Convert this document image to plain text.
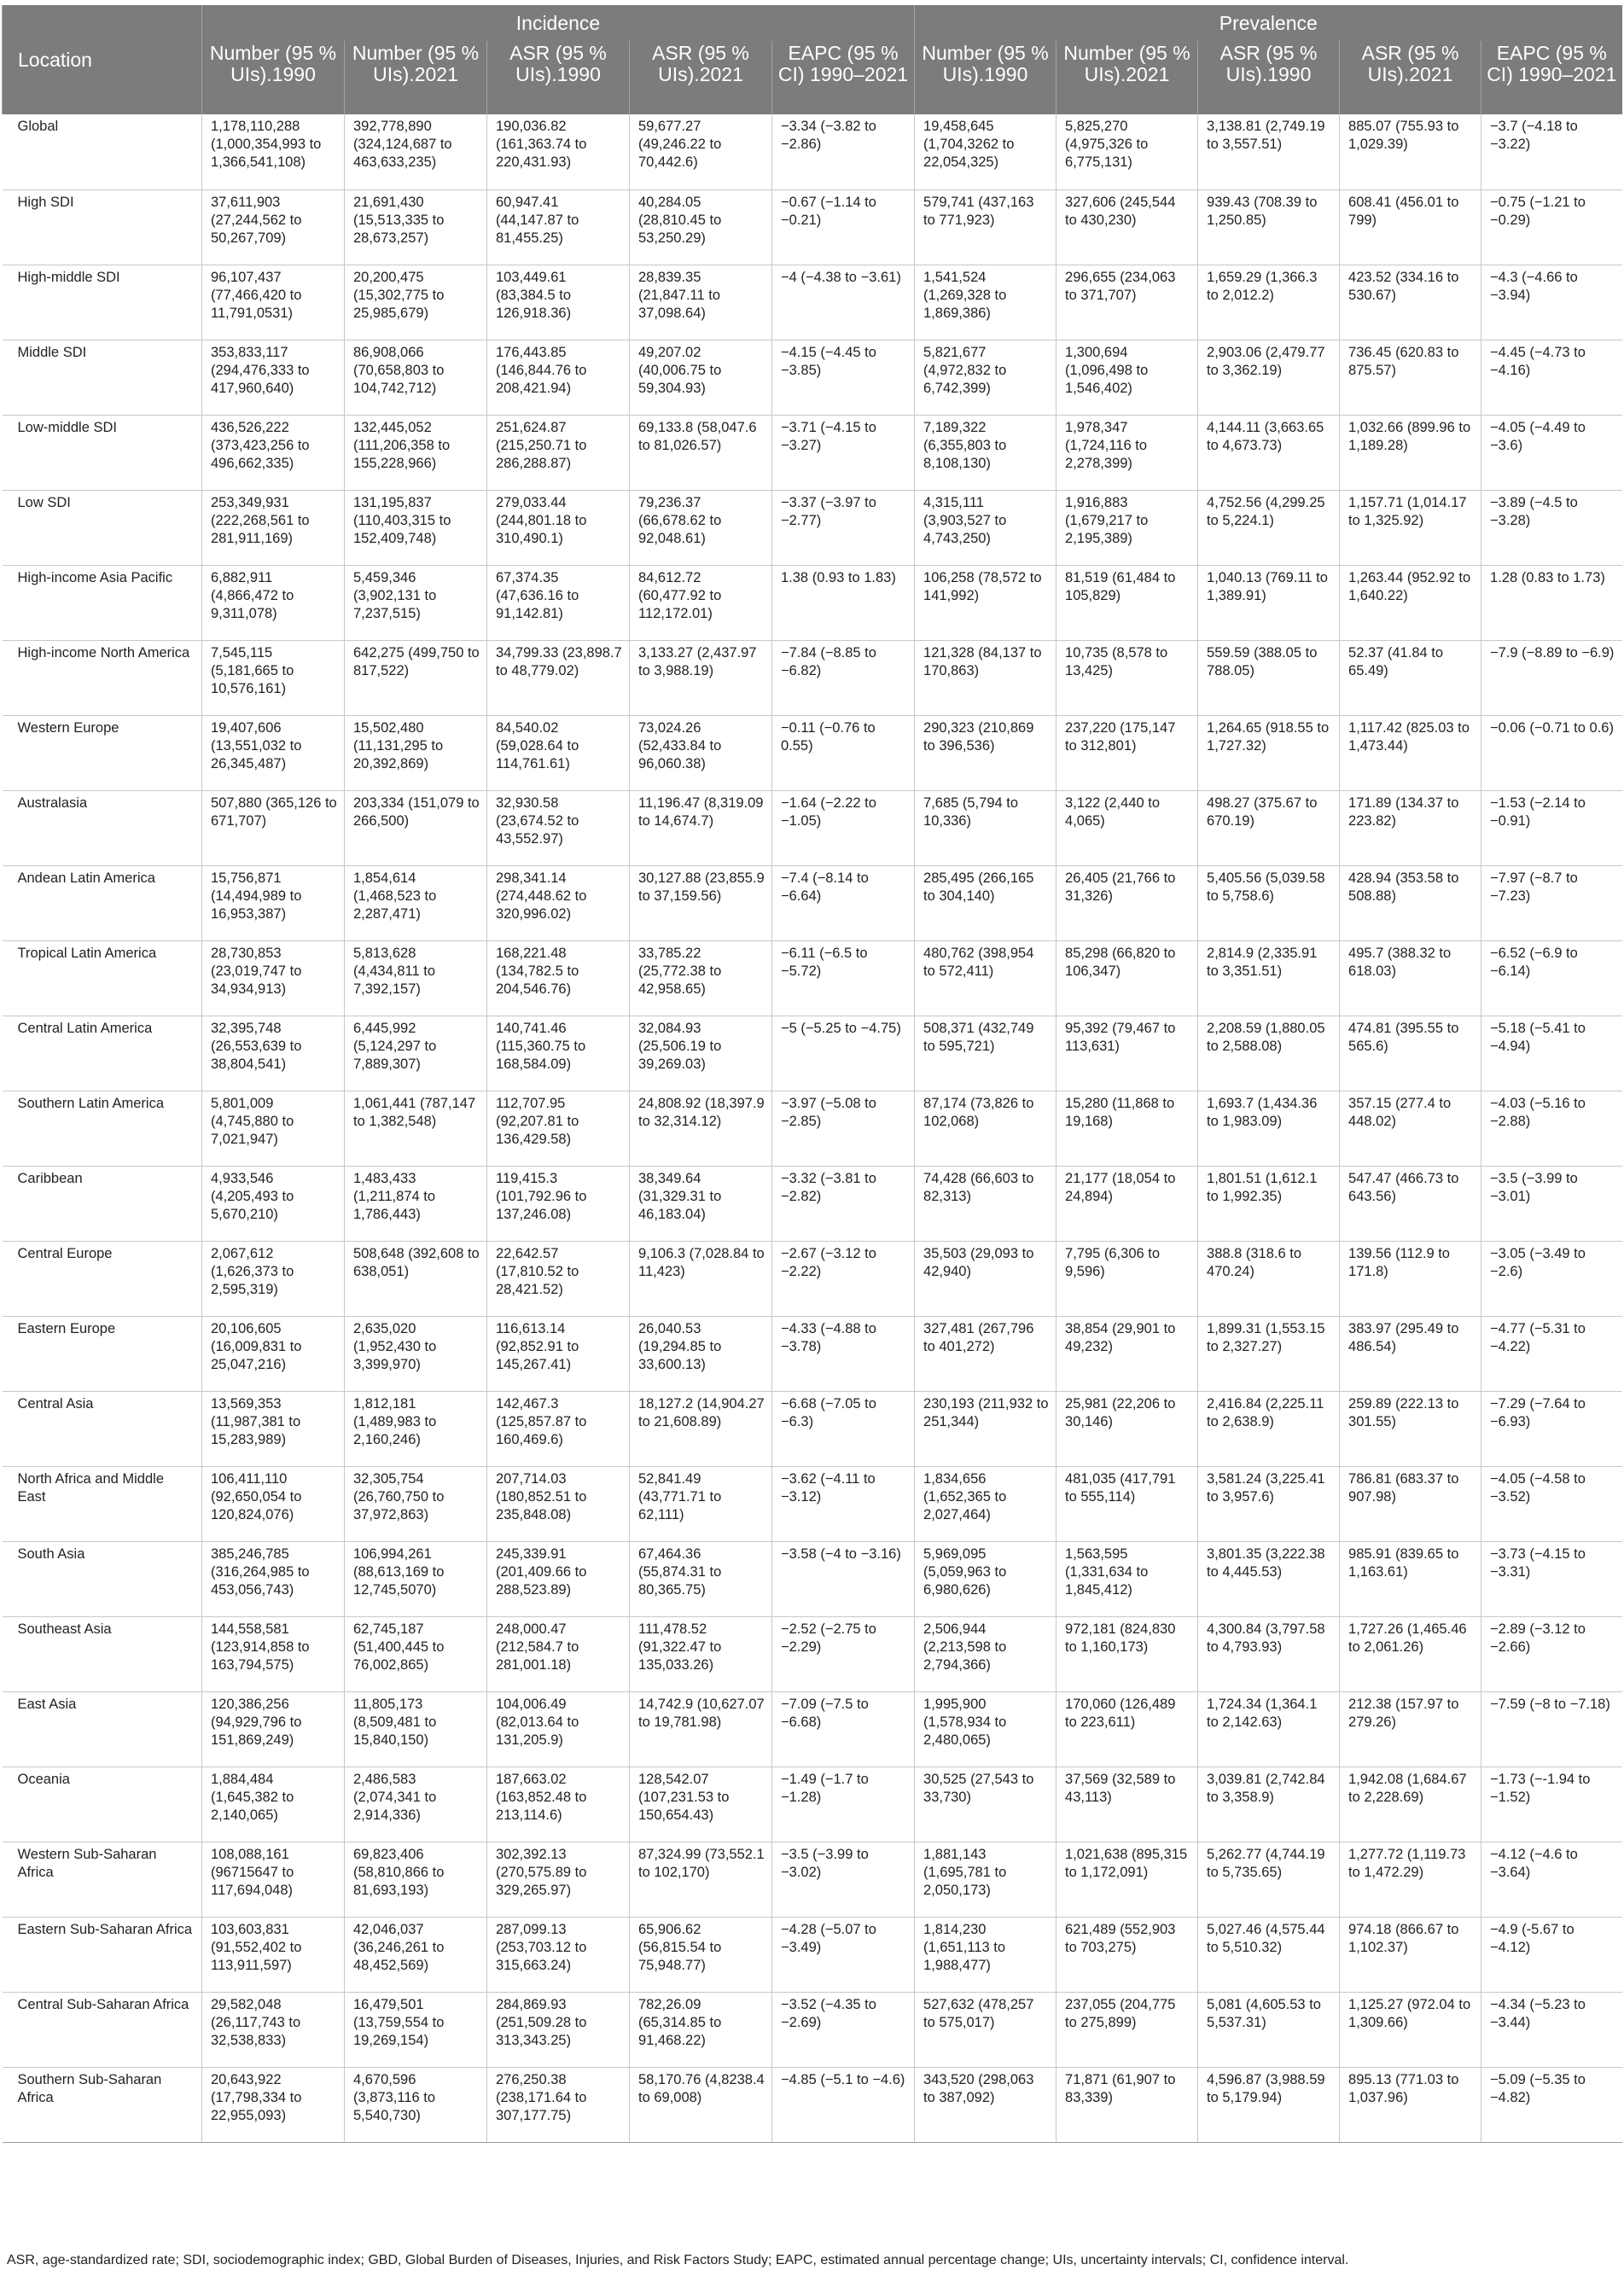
Location	Incidence					Prevalence				
	Number (95 % UIs).1990	Number (95 % UIs).2021	ASR (95 % UIs).1990	ASR (95 % UIs).2021	EAPC (95 % CI) 1990–2021	Number (95 % UIs).1990	Number (95 % UIs).2021	ASR (95 % UIs).1990	ASR (95 % UIs).2021	EAPC (95 % CI) 1990–2021
Global	1,178,110,288 (1,000,354,993 to 1,366,541,108)	392,778,890 (324,124,687 to 463,633,235)	190,036.82 (161,363.74 to 220,431.93)	59,677.27 (49,246.22 to 70,442.6)	−3.34 (−3.82 to −2.86)	19,458,645 (1,704,3262 to 22,054,325)	5,825,270 (4,975,326 to 6,775,131)	3,138.81 (2,749.19 to 3,557.51)	885.07 (755.93 to 1,029.39)	−3.7 (−4.18 to −3.22)
High SDI	37,611,903 (27,244,562 to 50,267,709)	21,691,430 (15,513,335 to 28,673,257)	60,947.41 (44,147.87 to 81,455.25)	40,284.05 (28,810.45 to 53,250.29)	−0.67 (−1.14 to −0.21)	579,741 (437,163 to 771,923)	327,606 (245,544 to 430,230)	939.43 (708.39 to 1,250.85)	608.41 (456.01 to 799)	−0.75 (−1.21 to −0.29)
High-middle SDI	96,107,437 (77,466,420 to 11,791,0531)	20,200,475 (15,302,775 to 25,985,679)	103,449.61 (83,384.5 to 126,918.36)	28,839.35 (21,847.11 to 37,098.64)	−4 (−4.38 to −3.61)	1,541,524 (1,269,328 to 1,869,386)	296,655 (234,063 to 371,707)	1,659.29 (1,366.3 to 2,012.2)	423.52 (334.16 to 530.67)	−4.3 (−4.66 to −3.94)
Middle SDI	353,833,117 (294,476,333 to 417,960,640)	86,908,066 (70,658,803 to 104,742,712)	176,443.85 (146,844.76 to 208,421.94)	49,207.02 (40,006.75 to 59,304.93)	−4.15 (−4.45 to −3.85)	5,821,677 (4,972,832 to 6,742,399)	1,300,694 (1,096,498 to 1,546,402)	2,903.06 (2,479.77 to 3,362.19)	736.45 (620.83 to 875.57)	−4.45 (−4.73 to −4.16)
Low-middle SDI	436,526,222 (373,423,256 to 496,662,335)	132,445,052 (111,206,358 to 155,228,966)	251,624.87 (215,250.71 to 286,288.87)	69,133.8 (58,047.6 to 81,026.57)	−3.71 (−4.15 to −3.27)	7,189,322 (6,355,803 to 8,108,130)	1,978,347 (1,724,116 to 2,278,399)	4,144.11 (3,663.65 to 4,673.73)	1,032.66 (899.96 to 1,189.28)	−4.05 (−4.49 to −3.6)
Low SDI	253,349,931 (222,268,561 to 281,911,169)	131,195,837 (110,403,315 to 152,409,748)	279,033.44 (244,801.18 to 310,490.1)	79,236.37 (66,678.62 to 92,048.61)	−3.37 (−3.97 to −2.77)	4,315,111 (3,903,527 to 4,743,250)	1,916,883 (1,679,217 to 2,195,389)	4,752.56 (4,299.25 to 5,224.1)	1,157.71 (1,014.17 to 1,325.92)	−3.89 (−4.5 to −3.28)
High-income Asia Pacific	6,882,911 (4,866,472 to 9,311,078)	5,459,346 (3,902,131 to 7,237,515)	67,374.35 (47,636.16 to 91,142.81)	84,612.72 (60,477.92 to 112,172.01)	1.38 (0.93 to 1.83)	106,258 (78,572 to 141,992)	81,519 (61,484 to 105,829)	1,040.13 (769.11 to 1,389.91)	1,263.44 (952.92 to 1,640.22)	1.28 (0.83 to 1.73)
High-income North America	7,545,115 (5,181,665 to 10,576,161)	642,275 (499,750 to 817,522)	34,799.33 (23,898.7 to 48,779.02)	3,133.27 (2,437.97 to 3,988.19)	−7.84 (−8.85 to −6.82)	121,328 (84,137 to 170,863)	10,735 (8,578 to 13,425)	559.59 (388.05 to 788.05)	52.37 (41.84 to 65.49)	−7.9 (−8.89 to −6.9)
Western Europe	19,407,606 (13,551,032 to 26,345,487)	15,502,480 (11,131,295 to 20,392,869)	84,540.02 (59,028.64 to 114,761.61)	73,024.26 (52,433.84 to 96,060.38)	−0.11 (−0.76 to 0.55)	290,323 (210,869 to 396,536)	237,220 (175,147 to 312,801)	1,264.65 (918.55 to 1,727.32)	1,117.42 (825.03 to 1,473.44)	−0.06 (−0.71 to 0.6)
Australasia	507,880 (365,126 to 671,707)	203,334 (151,079 to 266,500)	32,930.58 (23,674.52 to 43,552.97)	11,196.47 (8,319.09 to 14,674.7)	−1.64 (−2.22 to −1.05)	7,685 (5,794 to 10,336)	3,122 (2,440 to 4,065)	498.27 (375.67 to 670.19)	171.89 (134.37 to 223.82)	−1.53 (−2.14 to −0.91)
Andean Latin America	15,756,871 (14,494,989 to 16,953,387)	1,854,614 (1,468,523 to 2,287,471)	298,341.14 (274,448.62 to 320,996.02)	30,127.88 (23,855.9 to 37,159.56)	−7.4 (−8.14 to −6.64)	285,495 (266,165 to 304,140)	26,405 (21,766 to 31,326)	5,405.56 (5,039.58 to 5,758.6)	428.94 (353.58 to 508.88)	−7.97 (−8.7 to −7.23)
Tropical Latin America	28,730,853 (23,019,747 to 34,934,913)	5,813,628 (4,434,811 to 7,392,157)	168,221.48 (134,782.5 to 204,546.76)	33,785.22 (25,772.38 to 42,958.65)	−6.11 (−6.5 to −5.72)	480,762 (398,954 to 572,411)	85,298 (66,820 to 106,347)	2,814.9 (2,335.91 to 3,351.51)	495.7 (388.32 to 618.03)	−6.52 (−6.9 to −6.14)
Central Latin America	32,395,748 (26,553,639 to 38,804,541)	6,445,992 (5,124,297 to 7,889,307)	140,741.46 (115,360.75 to 168,584.09)	32,084.93 (25,506.19 to 39,269.03)	−5 (−5.25 to −4.75)	508,371 (432,749 to 595,721)	95,392 (79,467 to 113,631)	2,208.59 (1,880.05 to 2,588.08)	474.81 (395.55 to 565.6)	−5.18 (−5.41 to −4.94)
Southern Latin America	5,801,009 (4,745,880 to 7,021,947)	1,061,441 (787,147 to 1,382,548)	112,707.95 (92,207.81 to 136,429.58)	24,808.92 (18,397.9 to 32,314.12)	−3.97 (−5.08 to −2.85)	87,174 (73,826 to 102,068)	15,280 (11,868 to 19,168)	1,693.7 (1,434.36 to 1,983.09)	357.15 (277.4 to 448.02)	−4.03 (−5.16 to −2.88)
Caribbean	4,933,546 (4,205,493 to 5,670,210)	1,483,433 (1,211,874 to 1,786,443)	119,415.3 (101,792.96 to 137,246.08)	38,349.64 (31,329.31 to 46,183.04)	−3.32 (−3.81 to −2.82)	74,428 (66,603 to 82,313)	21,177 (18,054 to 24,894)	1,801.51 (1,612.1 to 1,992.35)	547.47 (466.73 to 643.56)	−3.5 (−3.99 to −3.01)
Central Europe	2,067,612 (1,626,373 to 2,595,319)	508,648 (392,608 to 638,051)	22,642.57 (17,810.52 to 28,421.52)	9,106.3 (7,028.84 to 11,423)	−2.67 (−3.12 to −2.22)	35,503 (29,093 to 42,940)	7,795 (6,306 to 9,596)	388.8 (318.6 to 470.24)	139.56 (112.9 to 171.8)	−3.05 (−3.49 to −2.6)
Eastern Europe	20,106,605 (16,009,831 to 25,047,216)	2,635,020 (1,952,430 to 3,399,970)	116,613.14 (92,852.91 to 145,267.41)	26,040.53 (19,294.85 to 33,600.13)	−4.33 (−4.88 to −3.78)	327,481 (267,796 to 401,272)	38,854 (29,901 to 49,232)	1,899.31 (1,553.15 to 2,327.27)	383.97 (295.49 to 486.54)	−4.77 (−5.31 to −4.22)
Central Asia	13,569,353 (11,987,381 to 15,283,989)	1,812,181 (1,489,983 to 2,160,246)	142,467.3 (125,857.87 to 160,469.6)	18,127.2 (14,904.27 to 21,608.89)	−6.68 (−7.05 to −6.3)	230,193 (211,932 to 251,344)	25,981 (22,206 to 30,146)	2,416.84 (2,225.11 to 2,638.9)	259.89 (222.13 to 301.55)	−7.29 (−7.64 to −6.93)
North Africa and Middle East	106,411,110 (92,650,054 to 120,824,076)	32,305,754 (26,760,750 to 37,972,863)	207,714.03 (180,852.51 to 235,848.08)	52,841.49 (43,771.71 to 62,111)	−3.62 (−4.11 to −3.12)	1,834,656 (1,652,365 to 2,027,464)	481,035 (417,791 to 555,114)	3,581.24 (3,225.41 to 3,957.6)	786.81 (683.37 to 907.98)	−4.05 (−4.58 to −3.52)
South Asia	385,246,785 (316,264,985 to 453,056,743)	106,994,261 (88,613,169 to 12,745,5070)	245,339.91 (201,409.66 to 288,523.89)	67,464.36 (55,874.31 to 80,365.75)	−3.58 (−4 to −3.16)	5,969,095 (5,059,963 to 6,980,626)	1,563,595 (1,331,634 to 1,845,412)	3,801.35 (3,222.38 to 4,445.53)	985.91 (839.65 to 1,163.61)	−3.73 (−4.15 to −3.31)
Southeast Asia	144,558,581 (123,914,858 to 163,794,575)	62,745,187 (51,400,445 to 76,002,865)	248,000.47 (212,584.7 to 281,001.18)	111,478.52 (91,322.47 to 135,033.26)	−2.52 (−2.75 to −2.29)	2,506,944 (2,213,598 to 2,794,366)	972,181 (824,830 to 1,160,173)	4,300.84 (3,797.58 to 4,793.93)	1,727.26 (1,465.46 to 2,061.26)	−2.89 (−3.12 to −2.66)
East Asia	120,386,256 (94,929,796 to 151,869,249)	11,805,173 (8,509,481 to 15,840,150)	104,006.49 (82,013.64 to 131,205.9)	14,742.9 (10,627.07 to 19,781.98)	−7.09 (−7.5 to −6.68)	1,995,900 (1,578,934 to 2,480,065)	170,060 (126,489 to 223,611)	1,724.34 (1,364.1 to 2,142.63)	212.38 (157.97 to 279.26)	−7.59 (−8 to −7.18)
Oceania	1,884,484 (1,645,382 to 2,140,065)	2,486,583 (2,074,341 to 2,914,336)	187,663.02 (163,852.48 to 213,114.6)	128,542.07 (107,231.53 to 150,654.43)	−1.49 (−1.7 to −1.28)	30,525 (27,543 to 33,730)	37,569 (32,589 to 43,113)	3,039.81 (2,742.84 to 3,358.9)	1,942.08 (1,684.67 to 2,228.69)	−1.73 (−-1.94 to −1.52)
Western Sub-Saharan Africa	108,088,161 (96715647 to 117,694,048)	69,823,406 (58,810,866 to 81,693,193)	302,392.13 (270,575.89 to 329,265.97)	87,324.99 (73,552.1 to 102,170)	−3.5 (−3.99 to −3.02)	1,881,143 (1,695,781 to 2,050,173)	1,021,638 (895,315 to 1,172,091)	5,262.77 (4,744.19 to 5,735.65)	1,277.72 (1,119.73 to 1,472.29)	−4.12 (−4.6 to −3.64)
Eastern Sub-Saharan Africa	103,603,831 (91,552,402 to 113,911,597)	42,046,037 (36,246,261 to 48,452,569)	287,099.13 (253,703.12 to 315,663.24)	65,906.62 (56,815.54 to 75,948.77)	−4.28 (−5.07 to −3.49)	1,814,230 (1,651,113 to 1,988,477)	621,489 (552,903 to 703,275)	5,027.46 (4,575.44 to 5,510.32)	974.18 (866.67 to 1,102.37)	−4.9 (-5.67 to −4.12)
Central Sub-Saharan Africa	29,582,048 (26,117,743 to 32,538,833)	16,479,501 (13,759,554 to 19,269,154)	284,869.93 (251,509.28 to 313,343.25)	782,26.09 (65,314.85 to 91,468.22)	−3.52 (−4.35 to −2.69)	527,632 (478,257 to 575,017)	237,055 (204,775 to 275,899)	5,081 (4,605.53 to 5,537.31)	1,125.27 (972.04 to 1,309.66)	−4.34 (−5.23 to −3.44)
Southern Sub-Saharan Africa	20,643,922 (17,798,334 to 22,955,093)	4,670,596 (3,873,116 to 5,540,730)	276,250.38 (238,171.64 to 307,177.75)	58,170.76 (4,8238.4 to 69,008)	−4.85 (−5.1 to −4.6)	343,520 (298,063 to 387,092)	71,871 (61,907 to 83,339)	4,596.87 (3,988.59 to 5,179.94)	895.13 (771.03 to 1,037.96)	−5.09 (−5.35 to −4.82)
ASR, age-standardized rate; SDI, sociodemographic index; GBD, Global Burden of Diseases, Injuries, and Risk Factors Study; EAPC, estimated annual percentage change; UIs, uncertainty intervals; CI, confidence interval.
